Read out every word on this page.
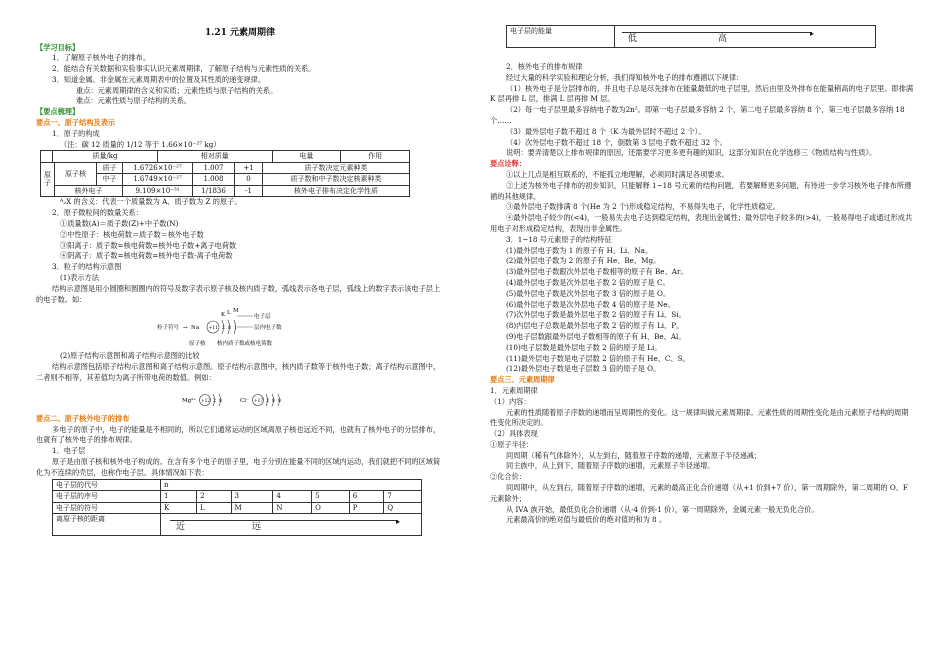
1.21 元素周期律

【学习目标】

1．了解原子核外电子的排布。

2．能结合有关数据和实验事实认识元素周期律，了解原子结构与元素性质的关系。

3．知道金属、非金属在元素周期表中的位置及其性质的递变规律。

重点：元素周期律的含义和实质；元素性质与原子结构的关系。

难点：元素性质与原子结构的关系。

【要点梳理】

要点一、原子结构及表示

1．原子的构成

（注：碳 12 质量的 1/12 等于 1.66×10⁻²⁷ kg）

	质量/kg	相对质量	电量	作用

原子	原子核	质子	1.6726×10⁻²⁷	1.007	+1	质子数决定元素种类
		中子	1.6749×10⁻²⁷	1.008	0	质子数和中子数决定核素种类
	核外电子		9.109×10⁻³¹	1/1836	-1	核外电子排布决定化学性质

ᴬ₂X 的含义：代表一个质量数为 A、质子数为 Z 的原子。

2．原子微粒间的数量关系：

①质量数(A)＝质子数(Z)+中子数(N)

②中性原子：核电荷数＝质子数＝核外电子数

③阳离子：质子数=核电荷数=核外电子数+离子电荷数

④阴离子：质子数=核电荷数=核外电子数-离子电荷数

3．粒子的结构示意图

(1)表示方法

结构示意图是用小圆圈和圆圈内的符号及数字表示原子核及核内质子数，弧线表示各电子层，弧线上的数字表示该电子层上的电子数。如：

粒子符号 → Na +11 2 8 1
K L M
电子层
层内电子数
原子核 核内质子数或核电荷数

(2)原子结构示意图和离子结构示意图的比较

结构示意图包括原子结构示意图和离子结构示意图。原子结构示意图中，核内质子数等于核外电子数；离子结构示意图中，二者则不相等，其差值均为离子所带电荷的数值。例如：

Mg²⁺ +12 2 8	Cl⁻ +17 2 8 8

要点二、原子核外电子的排布

多电子的原子中，电子的能量是不相同的，所以它们通常运动的区域离原子核也远近不同，也就有了核外电子的分层排布，也就有了核外电子的排布规律。

1．电子层

原子是由原子核和核外电子构成的。在含有多个电子的原子里，电子分别在能量不同的区域内运动，我们就把不同的区域简化为不连续的壳层，也称作电子层。具体情况如下表：

电子层的代号	n						
电子层的序号	1	2	3	4	5	6	7
电子层的符号	K	L	M	N	O	P	Q
离原子核的距离	▸
近 远						
电子层的能量	▸
低	高

2．核外电子的排布规律

经过大量的科学实验和理论分析，我们得知核外电子的排布遵循以下规律：

（1）核外电子是分层排布的，并且电子总是尽先排布在能量最低的电子层里，然后由里及外排布在能量稍高的电子层里。即排满 K 层再排 L 层，排满 L 层再排 M 层。

（2）每一电子层里最多容纳电子数为2n²。即第一电子层最多容纳 2 个，第二电子层最多容纳 8 个，第三电子层最多容纳 18 个……

（3）最外层电子数不超过 8 个（K 为最外层时不超过 2 个）。

（4）次外层电子数不超过 18 个，倒数第 3 层电子数不超过 32 个。

说明：要弄清楚以上排布规律的原因，还需要学习更多更有趣的知识，这部分知识在化学选修三《物质结构与性质》。

要点诠释：

①以上几点是相互联系的，不能孤立地理解，必须同时满足各项要求。

②上述为核外电子排布的初步知识，只能解释 1~18 号元素的结构问题，若要解释更多问题，有待进一步学习核外电子排布所遵循的其他规律。

③最外层电子数排满 8 个(He 为 2 个)形成稳定结构，不易得失电子，化学性质稳定。

④最外层电子较少的(<4)，一般易失去电子达到稳定结构，表现出金属性；最外层电子较多的(>4)，一般易得电子或通过形成共用电子对形成稳定结构，表现出非金属性。

3．1~18 号元素原子的结构特征

(1)最外层电子数为 1 的原子有 H、Li、Na。

(2)最外层电子数为 2 的原子有 He、Be、Mg。

(3)最外层电子数跟次外层电子数相等的原子有 Be、Ar。

(4)最外层电子数是次外层电子数 2 倍的原子是 C。

(5)最外层电子数是次外层电子数 3 倍的原子是 O。

(6)最外层电子数是次外层电子数 4 倍的原子是 Ne。

(7)次外层电子数是最外层电子数 2 倍的原子有 Li、Si。

(8)内层电子总数是最外层电子数 2 倍的原子有 Li、P。

(9)电子层数跟最外层电子数相等的原子有 H、Be、Al。

(10)电子层数是最外层电子数 2 倍的原子是 Li。

(11)最外层电子数是电子层数 2 倍的原子有 He、C、S。

(12)最外层电子数是电子层数 3 倍的原子是 O。

要点三、元素周期律

1．元素周期律

（1）内容：

元素的性质随着原子序数的递增而呈周期性的变化。这一规律叫做元素周期律。元素性质的周期性变化是由元素原子结构的周期性变化所决定的。

（2）具体表现

①原子半径：

同周期（稀有气体除外），从左到右，随着原子序数的递增，元素原子半径递减；

同主族中，从上到下，随着原子序数的递增，元素原子半径递增。

②化合价：

同周期中，从左到右，随着原子序数的递增，元素的最高正化合价递增（从+1 价到+7 价），第一周期除外，第二周期的 O、F 元素除外；

从 IVA 族开始，最低负化合价递增（从-4 价到-1 价），第一周期除外，金属元素一般无负化合价。

元素最高价的绝对值与最低价的绝对值的和为 8 。
